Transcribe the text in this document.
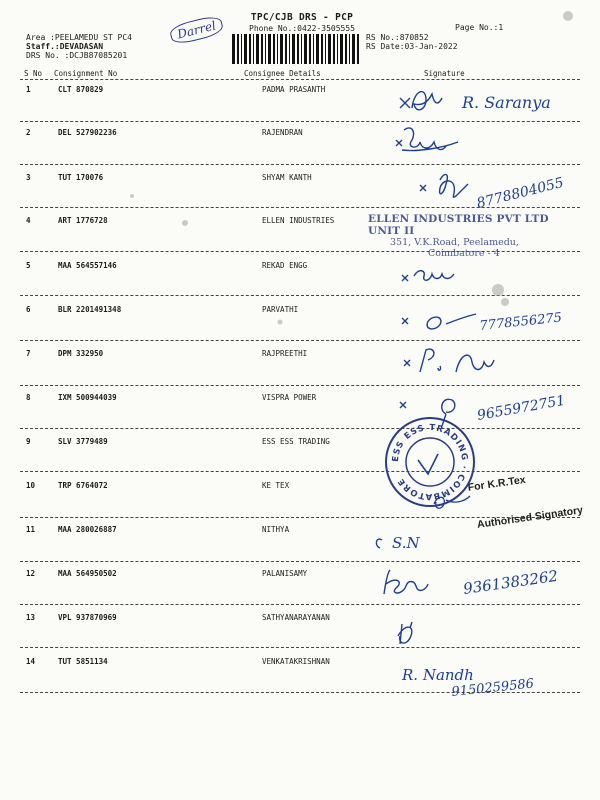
Area :PEELAMEDU ST PC4
Staff.:DEVADASAN
DRS No. :DCJB87085201
Darrel
TPC/CJB DRS - PCP
Phone No.:0422-3505555	Page No.:1
RS No.:870852
RS Date:03-Jan-2022
S No Consignment No	Consignee Details	Signature
1	CLT 870829	PADMA PRASANTH
2	DEL 527902236	RAJENDRAN
3	TUT 170076	SHYAM KANTH
4	ART 1776728	ELLEN INDUSTRIES
5	MAA 564557146	REKAD ENGG
6	BLR 2201491348	PARVATHI
7	DPM 332950	RAJPREETHI
8	IXM 500944039	VISPRA POWER
9	SLV 3779489	ESS ESS TRADING
10	TRP 6764072	KE TEX
11	MAA 280026887	NITHYA
12	MAA 564950502	PALANISAMY
13	VPL 937870969	SATHYANARAYANAN
14	TUT 5851134	VENKATAKRISHNAN
ELLEN INDUSTRIES PVT LTD UNIT II
351, V.K.Road, Peelamedu,
Coimbatore - 4
For K.R.Tex
Authorised Signatory
R. Saranya
8778804055
7778556275
9655972751
ESS ESS TRADING · COIMBATORE
S.N
9361383262
R. Nandh
9150259586
